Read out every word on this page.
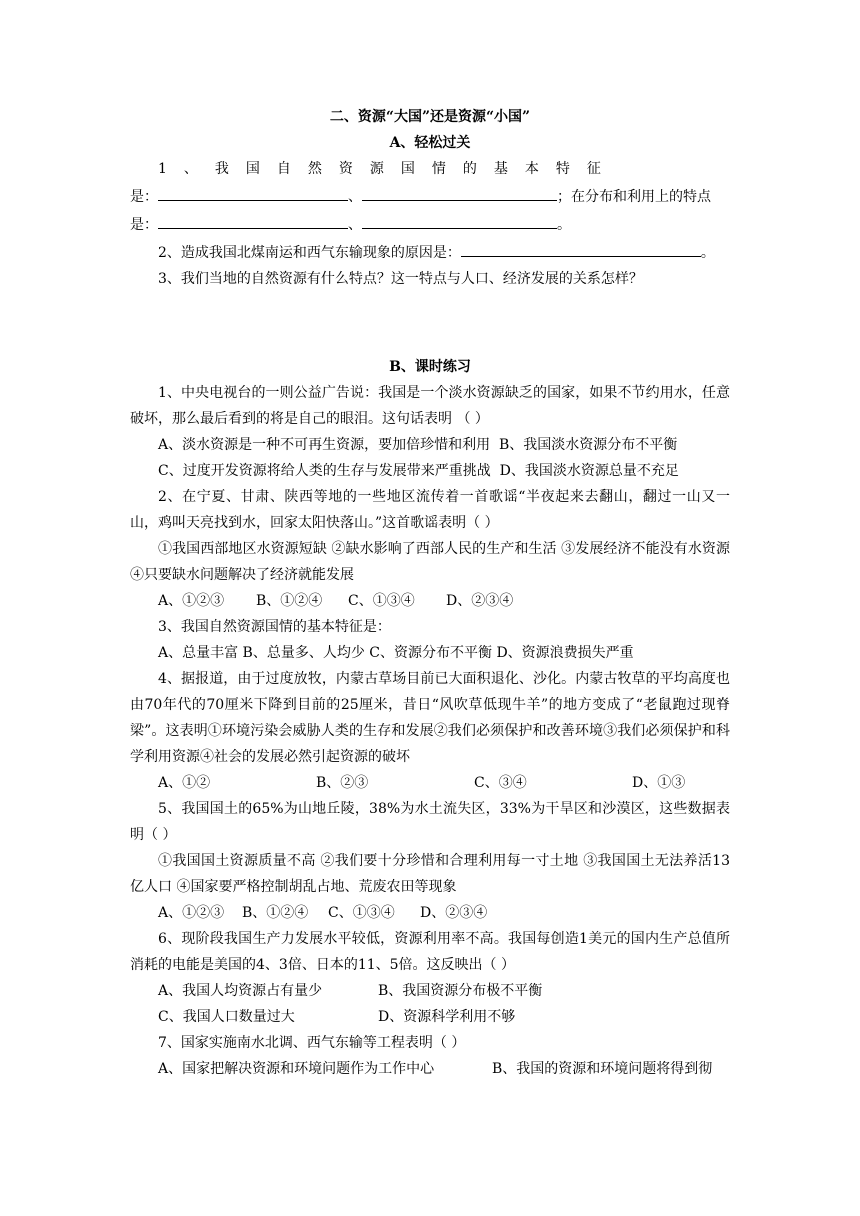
二、资源“大国”还是资源“小国”
A、轻松过关
1、我国自然资源国情的基本特征
是：	、	；在分布和利用上的特点
是：	、	。
2、造成我国北煤南运和西气东输现象的原因是：	。
3、我们当地的自然资源有什么特点？这一特点与人口、经济发展的关系怎样？
B、课时练习
1、中央电视台的一则公益广告说：我国是一个淡水资源缺乏的国家，如果不节约用水，任意破坏，那么最后看到的将是自己的眼泪。这句话表明 （ ）
A、淡水资源是一种不可再生资源，要加倍珍惜和利用 B、我国淡水资源分布不平衡
C、过度开发资源将给人类的生存与发展带来严重挑战 D、我国淡水资源总量不充足
2、在宁夏、甘肃、陕西等地的一些地区流传着一首歌谣“半夜起来去翻山，翻过一山又一山，鸡叫天亮找到水，回家太阳快落山。”这首歌谣表明（ ）
①我国西部地区水资源短缺 ②缺水影响了西部人民的生产和生活 ③发展经济不能没有水资源 ④只要缺水问题解决了经济就能发展
A、①②③	B、①②④	C、①③④	D、②③④
3、我国自然资源国情的基本特征是：
A、总量丰富 B、总量多、人均少 C、资源分布不平衡 D、资源浪费损失严重
4、据报道，由于过度放牧，内蒙古草场目前已大面积退化、沙化。内蒙古牧草的平均高度也由70年代的70厘米下降到目前的25厘米，昔日“风吹草低现牛羊”的地方变成了“老鼠跑过现脊梁”。这表明①环境污染会威胁人类的生存和发展②我们必须保护和改善环境③我们必须保护和科学利用资源④社会的发展必然引起资源的破坏
A、①②	B、②③	C、③④	D、①③
5、我国国土的65%为山地丘陵，38%为水土流失区，33%为干旱区和沙漠区，这些数据表明（ ）
①我国国土资源质量不高 ②我们要十分珍惜和合理利用每一寸土地 ③我国国土无法养活13亿人口 ④国家要严格控制胡乱占地、荒废农田等现象
A、①②③	B、①②④	C、①③④	D、②③④
6、现阶段我国生产力发展水平较低，资源利用率不高。我国每创造1美元的国内生产总值所消耗的电能是美国的4、3倍、日本的11、5倍。这反映出（ ）
A、我国人均资源占有量少	B、我国资源分布极不平衡
C、我国人口数量过大	D、资源科学利用不够
7、国家实施南水北调、西气东输等工程表明（ ）
A、国家把解决资源和环境问题作为工作中心	B、我国的资源和环境问题将得到彻
